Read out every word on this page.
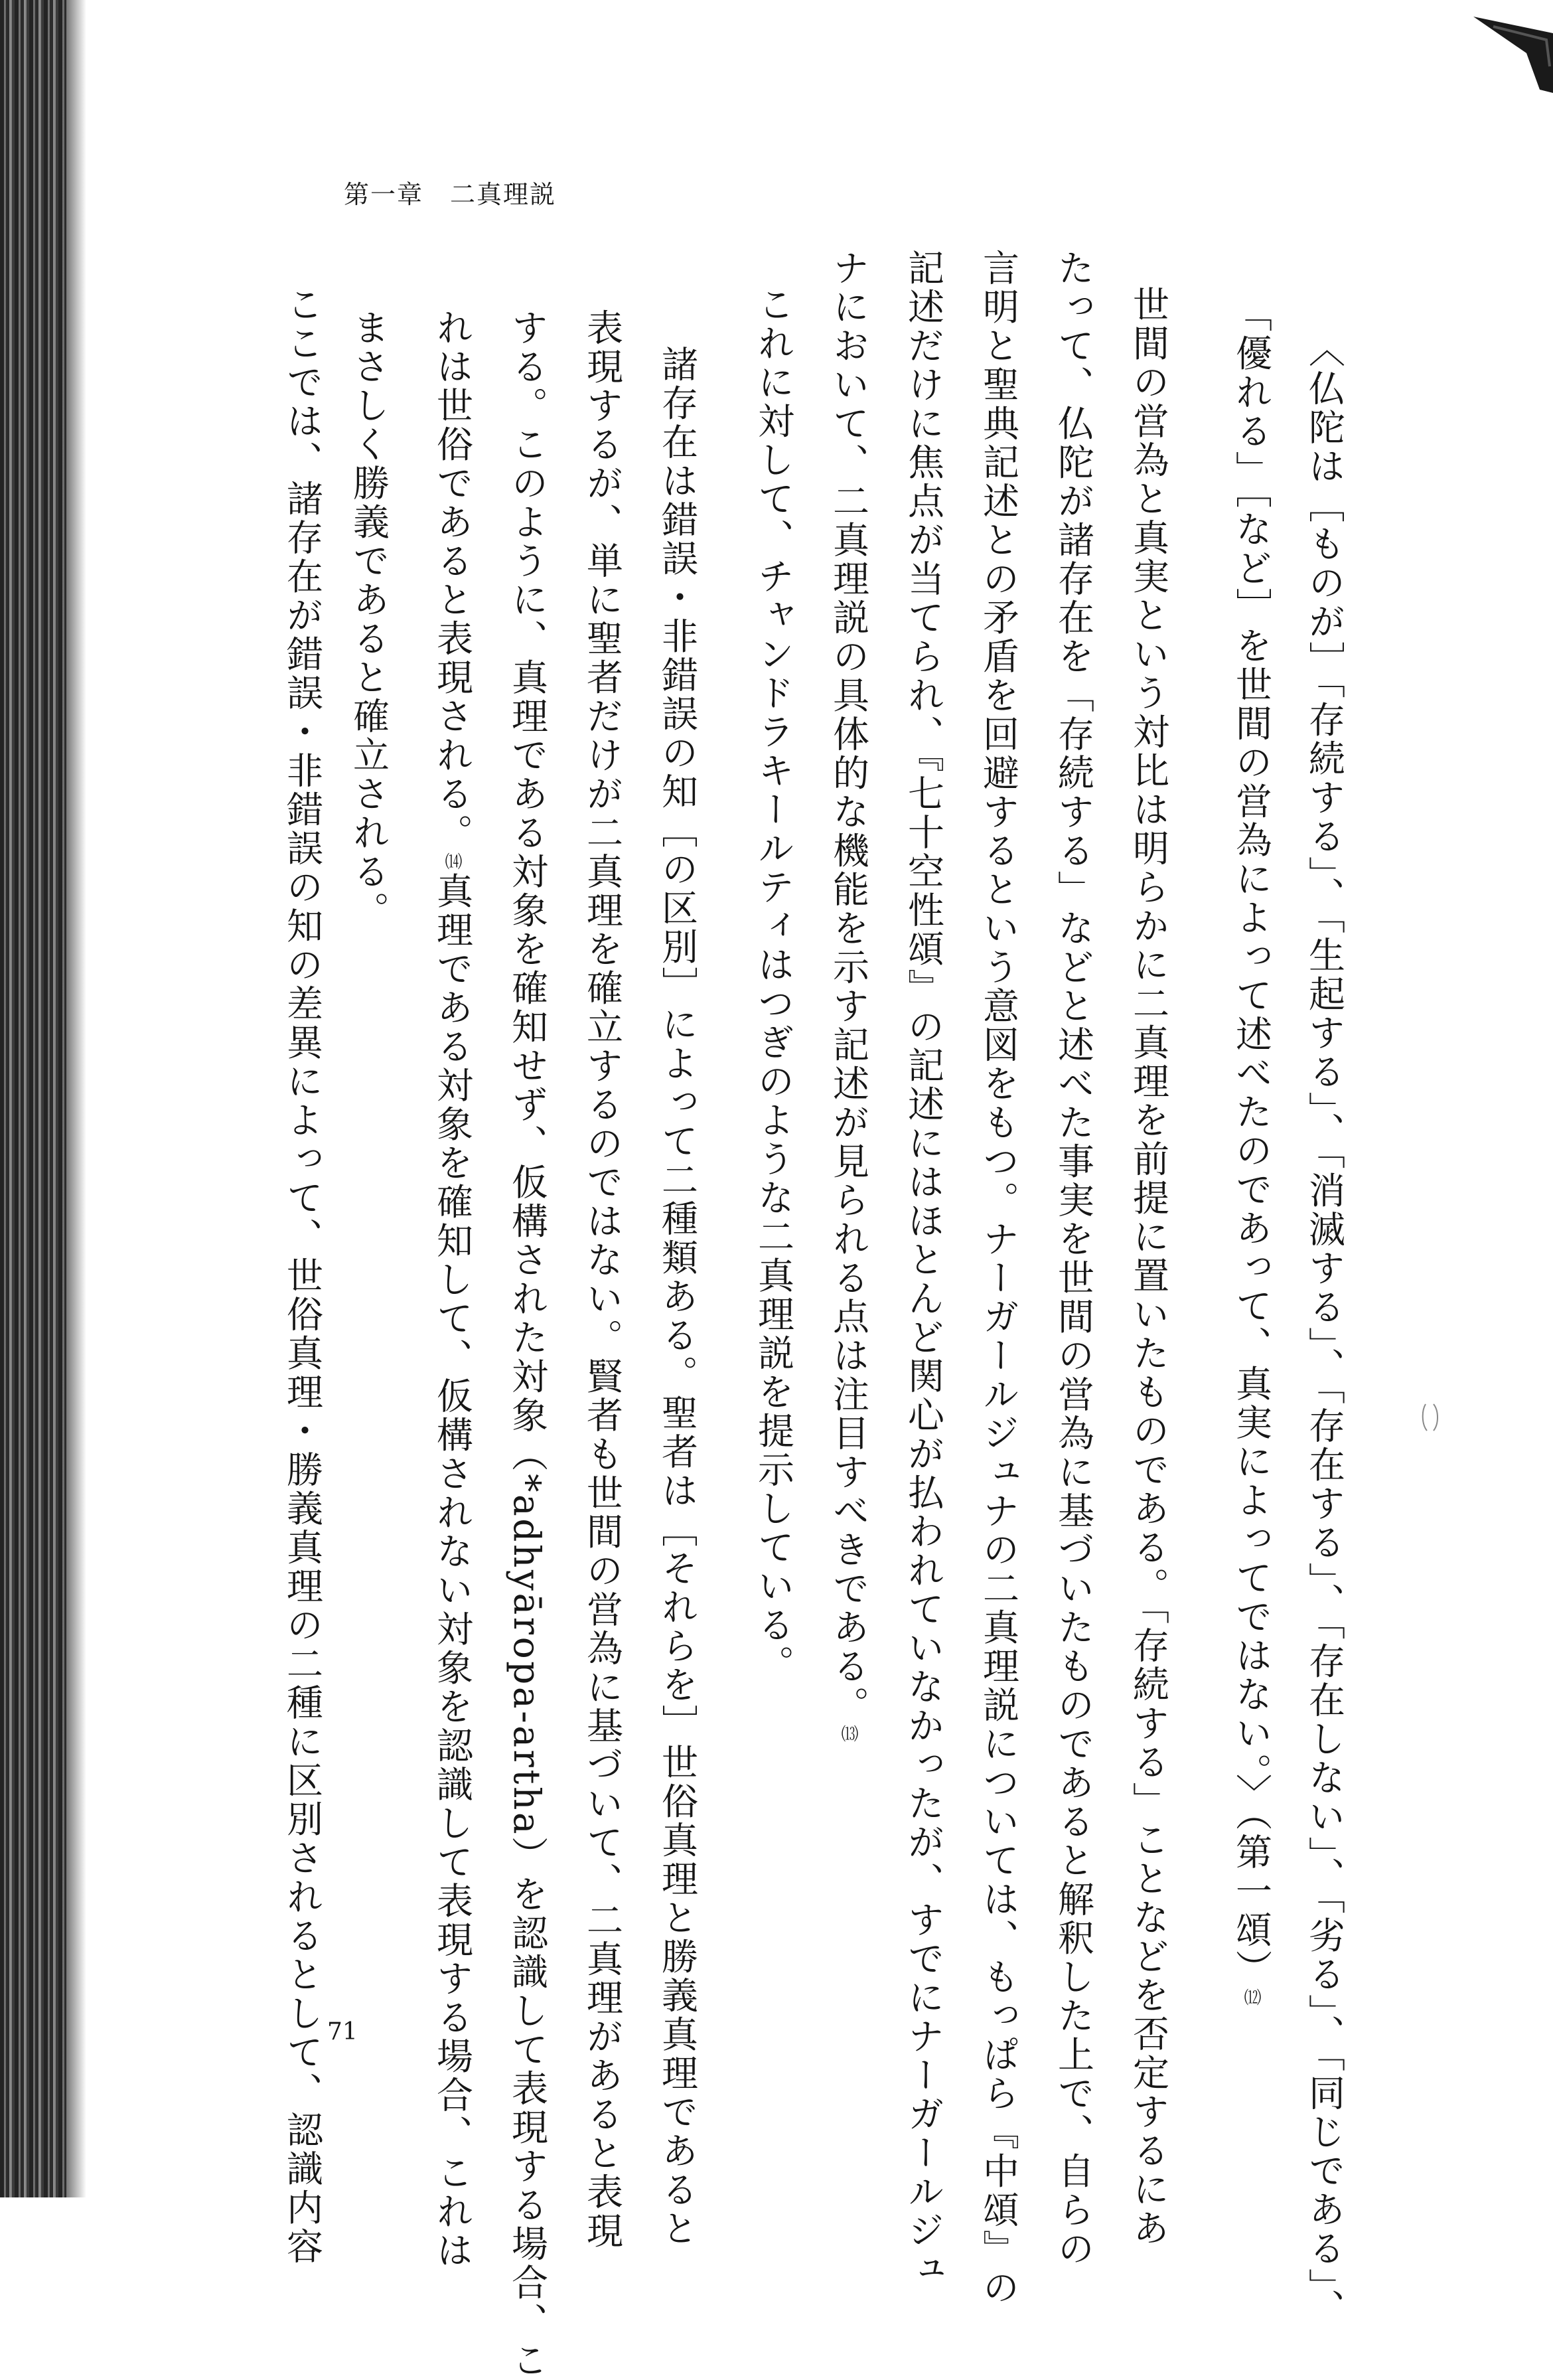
第一章　二真理説
〈仏陀は［ものが］「存続する」、「生起する」、「消滅する」、「存在する」、「存在しない」、「劣る」、「同じである」、
「優れる」［など］を世間の営為によって述べたのであって、真実によってではない。〉（第一頌）⑿
世間の営為と真実という対比は明らかに二真理を前提に置いたものである。「存続する」ことなどを否定するにあ
たって、仏陀が諸存在を「存続する」などと述べた事実を世間の営為に基づいたものであると解釈した上で、自らの
言明と聖典記述との矛盾を回避するという意図をもつ。ナーガールジュナの二真理説については、もっぱら『中頌』の
記述だけに焦点が当てられ、『七十空性頌』の記述にはほとんど関心が払われていなかったが、すでにナーガールジュ
ナにおいて、二真理説の具体的な機能を示す記述が見られる点は注目すべきである。⒀
これに対して、チャンドラキールティはつぎのような二真理説を提示している。
諸存在は錯誤・非錯誤の知［の区別］によって二種類ある。聖者は［それらを］世俗真理と勝義真理であると
表現するが、単に聖者だけが二真理を確立するのではない。賢者も世間の営為に基づいて、二真理があると表現
する。このように、真理である対象を確知せず、仮構された対象（*adhyāropa-artha）を認識して表現する場合、こ
れは世俗であると表現される。⒁真理である対象を確知して、仮構されない対象を認識して表現する場合、これは
まさしく勝義であると確立される。
ここでは、諸存在が錯誤・非錯誤の知の差異によって、世俗真理・勝義真理の二種に区別されるとして、認識内容 71
